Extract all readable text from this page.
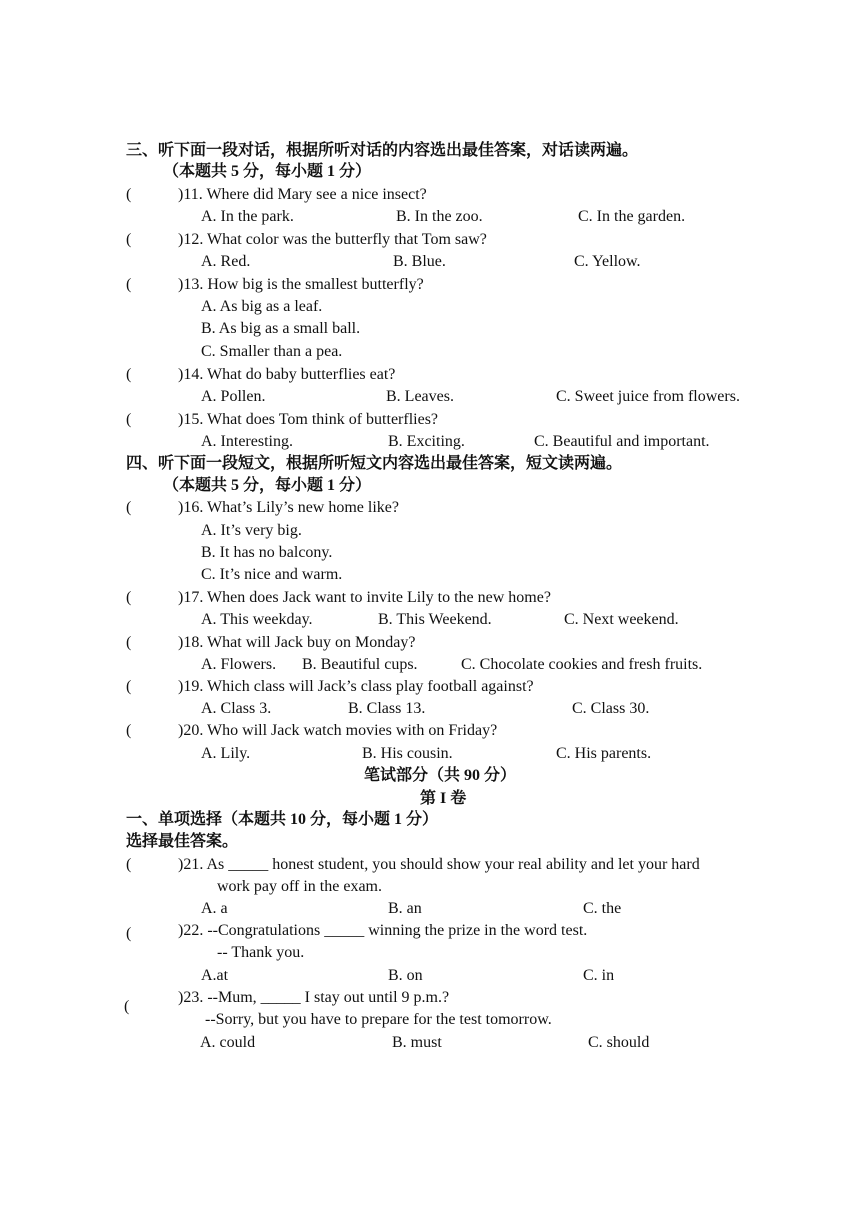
三、听下面一段对话，根据所听对话的内容选出最佳答案，对话读两遍。
（本题共 5 分，每小题 1 分）
(	)11. Where did Mary see a nice insect?
A. In the park.	B. In the zoo.	C. In the garden.
(	)12. What color was the butterfly that Tom saw?
A. Red.	B. Blue.	C. Yellow.
(	)13. How big is the smallest butterfly?
A. As big as a leaf.
B. As big as a small ball.
C. Smaller than a pea.
(	)14. What do baby butterflies eat?
A. Pollen.	B. Leaves.	C. Sweet juice from flowers.
(	)15. What does Tom think of butterflies?
A. Interesting.	B. Exciting.	C. Beautiful and important.
四、听下面一段短文，根据所听短文内容选出最佳答案，短文读两遍。
（本题共 5 分，每小题 1 分）
(	)16. What’s Lily’s new home like?
A. It’s very big.
B. It has no balcony.
C. It’s nice and warm.
(	)17. When does Jack want to invite Lily to the new home?
A. This weekday.	B. This Weekend.	C. Next weekend.
(	)18. What will Jack buy on Monday?
A. Flowers. B. Beautiful cups.	C. Chocolate cookies and fresh fruits.
(	)19. Which class will Jack’s class play football against?
A. Class 3.	B. Class 13.	C. Class 30.
(	)20. Who will Jack watch movies with on Friday?
A. Lily.	B. His cousin.	C. His parents.
笔试部分（共 90 分）
第 I 卷
一、单项选择（本题共 10 分，每小题 1 分）
选择最佳答案。
(	)21. As _____ honest student, you should show your real ability and let your hard
work pay off in the exam.
A. a	B. an	C. the
(	)22. --Congratulations _____ winning the prize in the word test.
-- Thank you.
A.at	B. on	C. in
(
)23. --Mum, _____ I stay out until 9 p.m.?
--Sorry, but you have to prepare for the test tomorrow.
A. could	B. must	C. should
